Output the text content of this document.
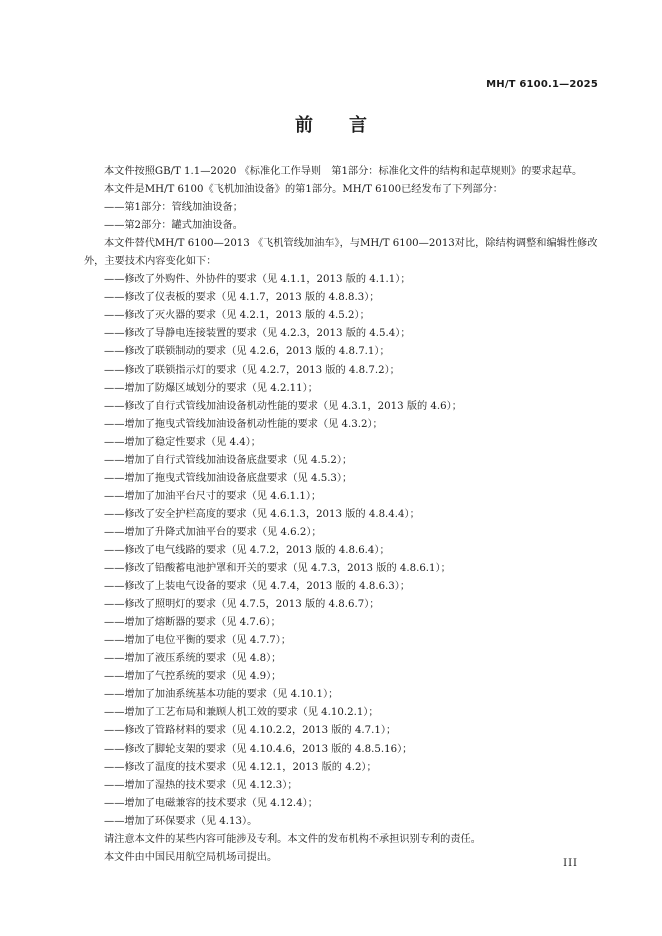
MH/T 6100.1—2025
前　　言

本文件按照GB/T 1.1—2020 《标准化工作导则　第1部分：标准化文件的结构和起草规则》的要求起草。

本文件是MH/T 6100《飞机加油设备》的第1部分。MH/T 6100已经发布了下列部分：

——第1部分：管线加油设备；

——第2部分：罐式加油设备。

本文件替代MH/T 6100—2013 《飞机管线加油车》，与MH/T 6100—2013对比，除结构调整和编辑性修改外，主要技术内容变化如下：

——修改了外购件、外协件的要求（见 4.1.1，2013 版的 4.1.1）；

——修改了仪表板的要求（见 4.1.7，2013 版的 4.8.8.3）；

——修改了灭火器的要求（见 4.2.1，2013 版的 4.5.2）；

——修改了导静电连接装置的要求（见 4.2.3，2013 版的 4.5.4）；

——修改了联锁制动的要求（见 4.2.6，2013 版的 4.8.7.1）；

——修改了联锁指示灯的要求（见 4.2.7，2013 版的 4.8.7.2）；

——增加了防爆区域划分的要求（见 4.2.11）；

——修改了自行式管线加油设备机动性能的要求（见 4.3.1，2013 版的 4.6）；

——增加了拖曳式管线加油设备机动性能的要求（见 4.3.2）；

——增加了稳定性要求（见 4.4）；

——增加了自行式管线加油设备底盘要求（见 4.5.2）；

——增加了拖曳式管线加油设备底盘要求（见 4.5.3）；

——增加了加油平台尺寸的要求（见 4.6.1.1）；

——修改了安全护栏高度的要求（见 4.6.1.3，2013 版的 4.8.4.4）；

——增加了升降式加油平台的要求（见 4.6.2）；

——修改了电气线路的要求（见 4.7.2，2013 版的 4.8.6.4）；

——修改了铅酸蓄电池护罩和开关的要求（见 4.7.3，2013 版的 4.8.6.1）；

——修改了上装电气设备的要求（见 4.7.4，2013 版的 4.8.6.3）；

——修改了照明灯的要求（见 4.7.5，2013 版的 4.8.6.7）；

——增加了熔断器的要求（见 4.7.6）；

——增加了电位平衡的要求（见 4.7.7）；

——增加了液压系统的要求（见 4.8）；

——增加了气控系统的要求（见 4.9）；

——增加了加油系统基本功能的要求（见 4.10.1）；

——增加了工艺布局和兼顾人机工效的要求（见 4.10.2.1）；

——修改了管路材料的要求（见 4.10.2.2，2013 版的 4.7.1）；

——修改了脚轮支架的要求（见 4.10.4.6，2013 版的 4.8.5.16）；

——修改了温度的技术要求（见 4.12.1，2013 版的 4.2）；

——增加了湿热的技术要求（见 4.12.3）；

——增加了电磁兼容的技术要求（见 4.12.4）；

——增加了环保要求（见 4.13）。

请注意本文件的某些内容可能涉及专利。本文件的发布机构不承担识别专利的责任。

本文件由中国民用航空局机场司提出。

III
